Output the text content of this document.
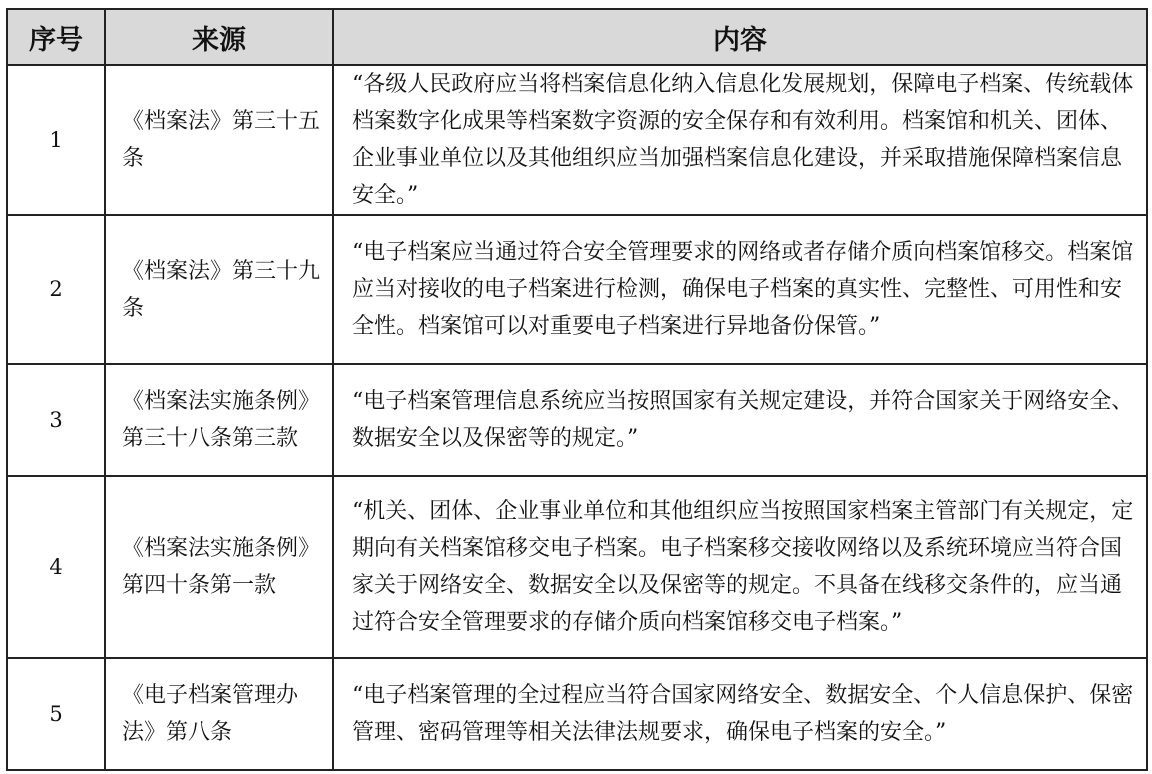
序号	来源	内容
1	《档案法》第三十五条	“各级人民政府应当将档案信息化纳入信息化发展规划，保障电子档案、传统载体档案数字化成果等档案数字资源的安全保存和有效利用。档案馆和机关、团体、企业事业单位以及其他组织应当加强档案信息化建设，并采取措施保障档案信息安全。”
2	《档案法》第三十九条	“电子档案应当通过符合安全管理要求的网络或者存储介质向档案馆移交。档案馆应当对接收的电子档案进行检测，确保电子档案的真实性、完整性、可用性和安全性。档案馆可以对重要电子档案进行异地备份保管。”
3	《档案法实施条例》第三十八条第三款	“电子档案管理信息系统应当按照国家有关规定建设，并符合国家关于网络安全、数据安全以及保密等的规定。”
4	《档案法实施条例》第四十条第一款	“机关、团体、企业事业单位和其他组织应当按照国家档案主管部门有关规定，定期向有关档案馆移交电子档案。电子档案移交接收网络以及系统环境应当符合国家关于网络安全、数据安全以及保密等的规定。不具备在线移交条件的，应当通过符合安全管理要求的存储介质向档案馆移交电子档案。”
5	《电子档案管理办法》第八条	“电子档案管理的全过程应当符合国家网络安全、数据安全、个人信息保护、保密管理、密码管理等相关法律法规要求，确保电子档案的安全。”
